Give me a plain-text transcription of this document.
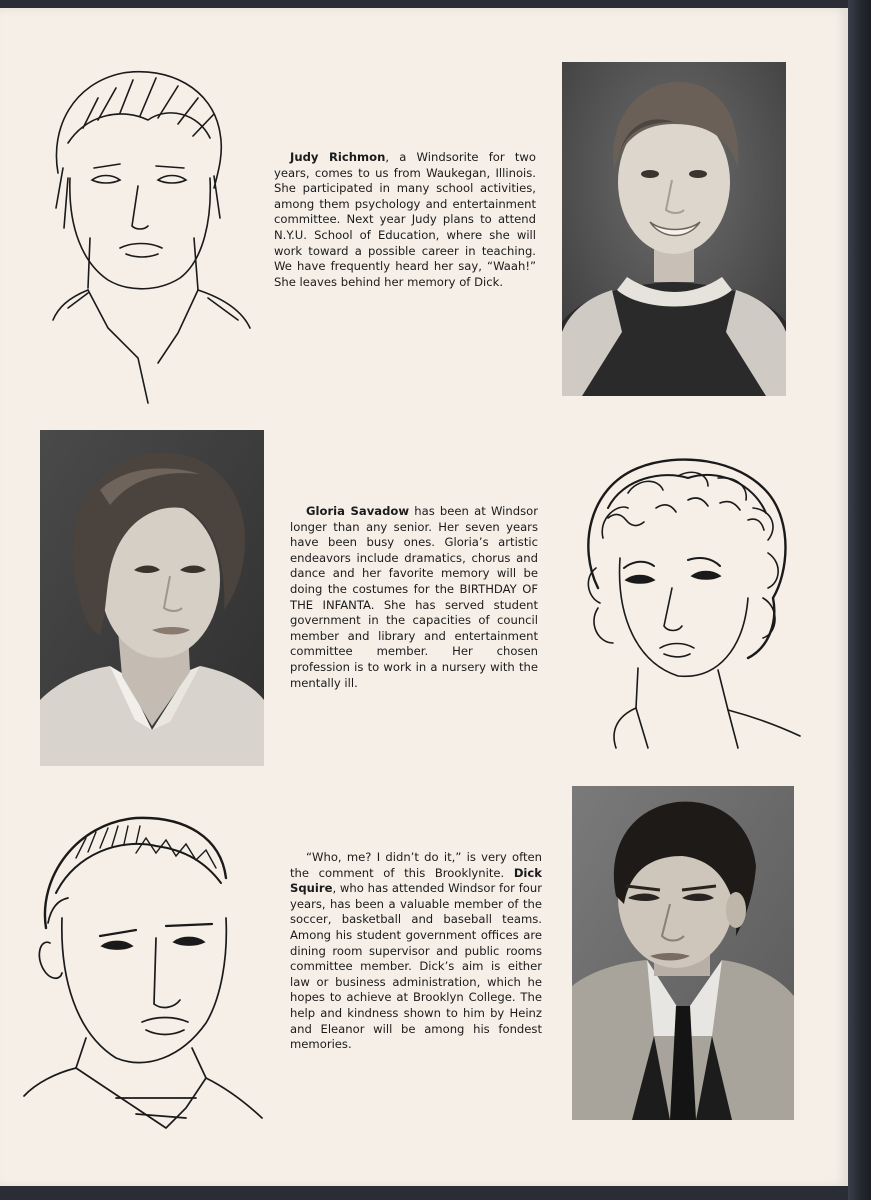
Judy Richmon, a Windsorite for two years, comes to us from Waukegan, Illinois. She participated in many school activities, among them psychology and entertainment committee. Next year Judy plans to attend N.Y.U. School of Education, where she will work toward a possible career in teaching. We have frequently heard her say, “Waah!” She leaves behind her memory of Dick.

Gloria Savadow has been at Windsor longer than any senior. Her seven years have been busy ones. Gloria’s artistic endeavors include dramatics, chorus and dance and her favorite memory will be doing the costumes for the BIRTHDAY OF THE INFANTA. She has served student government in the capacities of council member and library and entertainment committee member. Her chosen profession is to work in a nursery with the mentally ill.

“Who, me? I didn’t do it,” is very often the comment of this Brooklynite. Dick Squire, who has attended Windsor for four years, has been a valuable member of the soccer, basketball and baseball teams. Among his student government offices are dining room supervisor and public rooms committee member. Dick’s aim is either law or business administration, which he hopes to achieve at Brooklyn College. The help and kindness shown to him by Heinz and Eleanor will be among his fondest memories.
